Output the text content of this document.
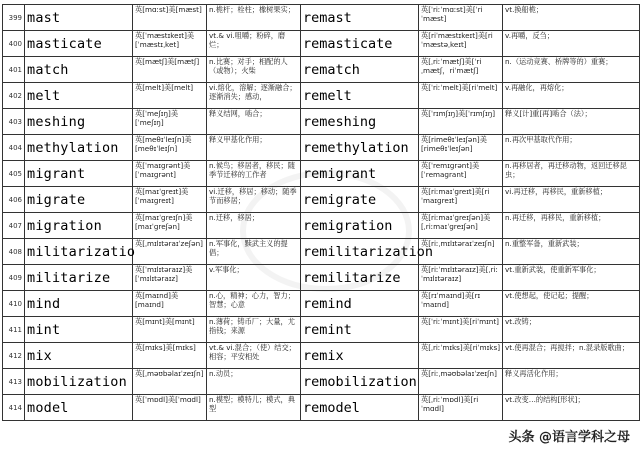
399	mast	英[mɑːst]美[mæst]	n.桅杆；栓柱；橡树果实；	remast	英[ˈriːˈmɑːst]美[ˈriˈmæst]	vt.换船桅；

400	masticate	英[ˈmæstɪkeɪt]美[ˈmæstɪˌket]	vt.& vi.咀嚼；粉碎，磨烂；	remasticate	英[riˈmæstɪkeɪt]美[riˈmæstəˌkeɪt]	v.再嚼，反刍；

401	match	英[mætʃ]美[mætʃ]	n.比赛；对手；相配的人（或物）；火柴	rematch	英[ˌriːˈmætʃ]美[ˈriˌmætʃ，riˈmætʃ]	n.（运动竞赛、桥牌等的）重赛；

402	melt	英[melt]美[melt]	vi.熔化，溶解；逐渐融合；逐渐消失；感动，	remelt	英[ˈriːˈmelt]美[riˈmelt]	v.再融化，再熔化；

403	meshing	英[ˈmeʃɪŋ]美[ˈmeʃɪŋ]	释义结网，啮合；	remeshing	英[ˈrɪmʃɪŋ]美[ˈrɪmʃɪŋ]	释义[计]重[再]啮合（法）；

404	methylation	英[meθɪˈleɪʃn]美[meθɪˈleɪʃn]	释义甲基化作用；	remethylation	英[rimeθɪˈleɪʃən]美[rimeθɪˈleɪʃən]	n.再次甲基取代作用；

405	migrant	英[ˈmaɪɡrənt]美[ˈmaɪɡrənt]	n.候鸟；移居者，移民；随季节迁移的工作者	remigrant	英[ˈremɪɡrənt]美[ˈremaɡrant]	n.再移居者，再迁移动物，返回迁移昆虫；

406	migrate	英[maɪˈɡreɪt]美[ˈmaɪɡreɪt]	vi.迁移，移居；移动；随季节而移居；	remigrate	英[riːmaɪˈɡreɪt]美[riˈmaɪɡreɪt]	vi.再迁移，再移民，重新移植；

407	migration	英[maɪˈɡreɪʃn]美[maɪˈɡreʃən]	n.迁移，移居；	remigration	英[riːmaɪˈɡreɪʃən]美[ˌriːmaɪˈɡreɪʃən]	n.再迁移，再移民，重新移植；

408	militarizatio	英[ˌmɪlɪtəraɪˈzeʃən]	n.军事化，黩武主义的提倡；	remilitarization	英[riːˌmɪlɪtəraɪˈzeɪʃn]	n.重整军备，重新武装；

409	militarize	英[ˈmɪlɪtəraɪz]美[ˈmɪlɪtəraɪz]	v.军事化；	remilitarize	英[riːˈmɪlɪtəraɪz]美[ˌriːˈmɪlɪtəraɪz]	vt.重新武装，使重新军事化；

410	mind	英[maɪnd]美[maɪnd]	n.心，精神；心力，智力；智慧；心意	remind	英[rɪˈmaɪnd]美[rɪˈmaɪnd]	vt.使想起，使记起；提醒；

411	mint	英[mɪnt]美[mɪnt]	n.薄荷；铸币厂；大量，尤指钱；来源	remint	英[ˈriːˈmɪnt]美[riˈmɪnt]	vt.改铸；

412	mix	英[mɪks]美[mɪks]	vt.& vi.混合；（使）结交；相容；平安相处	remix	英[ˌriːˈmɪks]美[riˈmɪks]	vt.使再混合；再搅拌；n.混录版歌曲；

413	mobilization	英[ˌməʊbəlaɪˈzeɪʃn]	n.动员；	remobilization	英[riːˌməʊbəlaɪˈzeɪʃn]	释义再活化作用；

414	model	英[ˈmɒdl]美[ˈmɑdl]	n.模型；模特儿；模式，典型	remodel	英[ˌriːˈmɒdl]美[riˈmɑdl]	vt.改变…的结构[形状]；
头条 @语言学科之母
